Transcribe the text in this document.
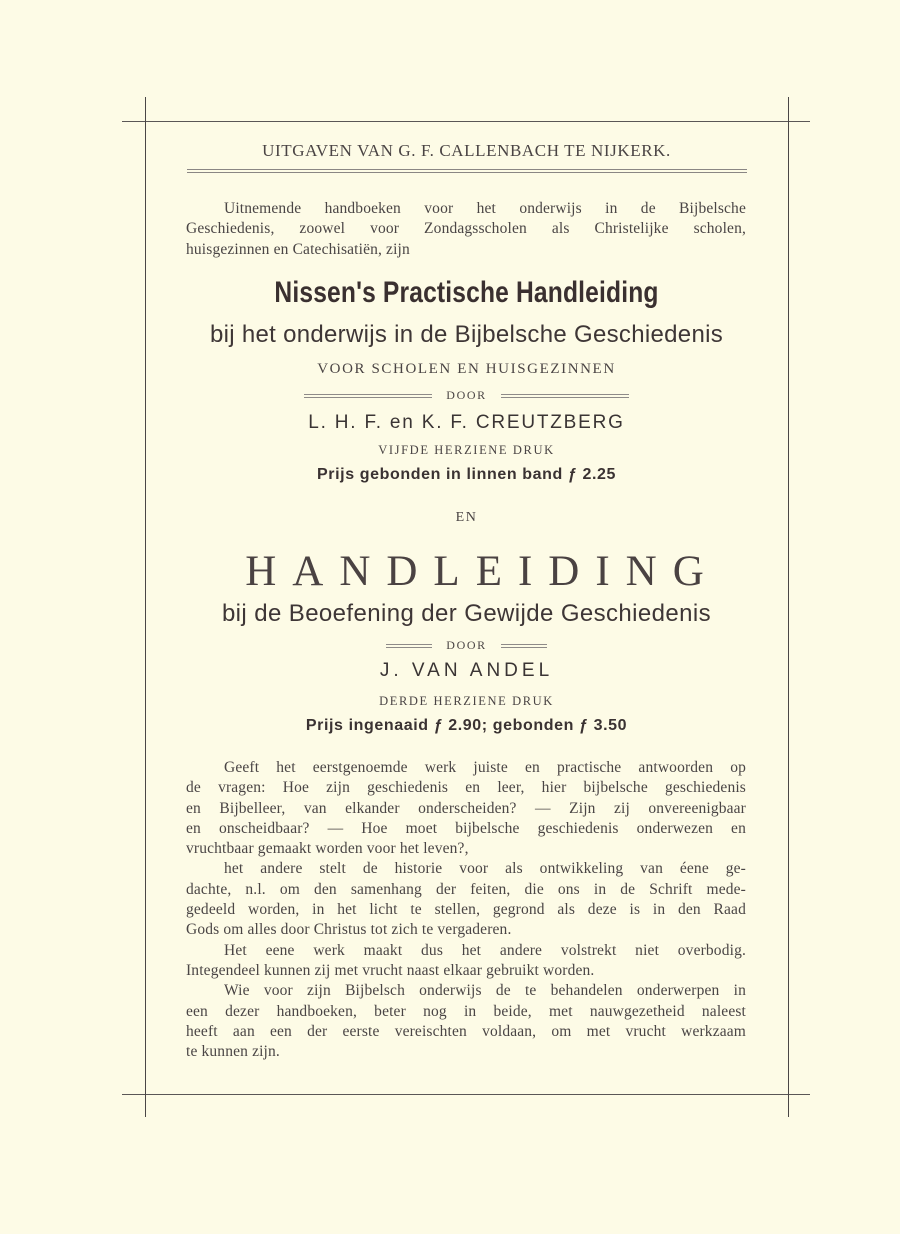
UITGAVEN VAN G. F. CALLENBACH TE NIJKERK.
Uitnemende handboeken voor het onderwijs in de Bijbelsche
Geschiedenis, zoowel voor Zondagsscholen als Christelijke scholen,
huisgezinnen en Catechisatiën, zijn
Nissen's Practische Handleiding
bij het onderwijs in de Bijbelsche Geschiedenis
VOOR SCHOLEN EN HUISGEZINNEN
DOOR
L. H. F. en K. F. CREUTZBERG
VIJFDE HERZIENE DRUK
Prijs gebonden in linnen band ƒ 2.25
EN
HANDLEIDING
bij de Beoefening der Gewijde Geschiedenis
DOOR
J. VAN ANDEL
DERDE HERZIENE DRUK
Prijs ingenaaid ƒ 2.90; gebonden ƒ 3.50
Geeft het eerstgenoemde werk juiste en practische antwoorden op
de vragen: Hoe zijn geschiedenis en leer, hier bijbelsche geschiedenis
en Bijbelleer, van elkander onderscheiden? — Zijn zij onvereenigbaar
en onscheidbaar? — Hoe moet bijbelsche geschiedenis onderwezen en
vruchtbaar gemaakt worden voor het leven?,
het andere stelt de historie voor als ontwikkeling van éene ge-
dachte, n.l. om den samenhang der feiten, die ons in de Schrift mede-
gedeeld worden, in het licht te stellen, gegrond als deze is in den Raad
Gods om alles door Christus tot zich te vergaderen.
Het eene werk maakt dus het andere volstrekt niet overbodig.
Integendeel kunnen zij met vrucht naast elkaar gebruikt worden.
Wie voor zijn Bijbelsch onderwijs de te behandelen onderwerpen in
een dezer handboeken, beter nog in beide, met nauwgezetheid naleest
heeft aan een der eerste vereischten voldaan, om met vrucht werkzaam
te kunnen zijn.
